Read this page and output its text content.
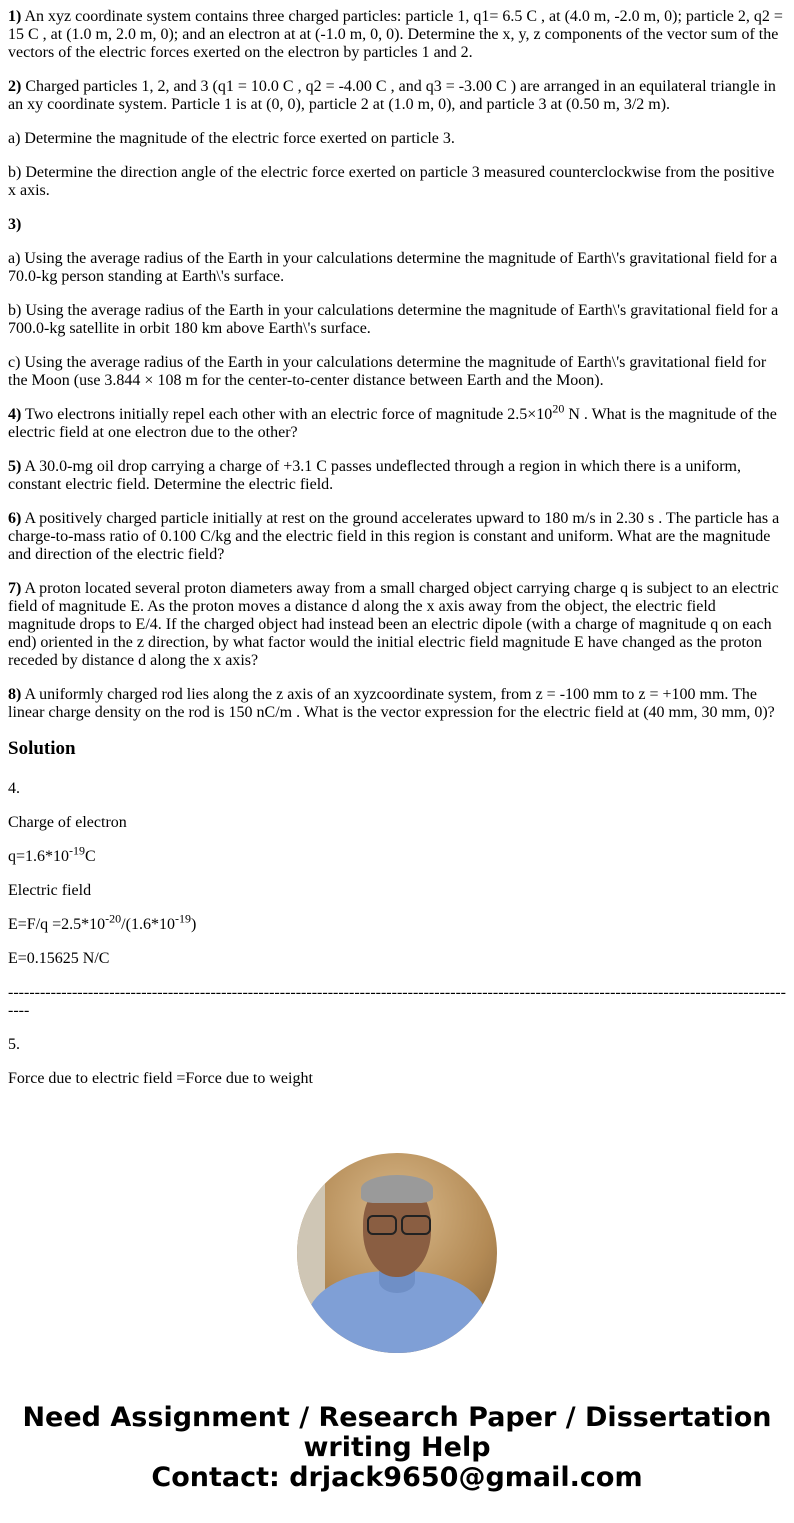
1) An xyz coordinate system contains three charged particles: particle 1, q1= 6.5 C , at (4.0 m, -2.0 m, 0); particle 2, q2 = 15 C , at (1.0 m, 2.0 m, 0); and an electron at at (-1.0 m, 0, 0). Determine the x, y, z components of the vector sum of the vectors of the electric forces exerted on the electron by particles 1 and 2.

2) Charged particles 1, 2, and 3 (q1 = 10.0 C , q2 = -4.00 C , and q3 = -3.00 C ) are arranged in an equilateral triangle in an xy coordinate system. Particle 1 is at (0, 0), particle 2 at (1.0 m, 0), and particle 3 at (0.50 m, 3/2 m).

a) Determine the magnitude of the electric force exerted on particle 3.

b) Determine the direction angle of the electric force exerted on particle 3 measured counterclockwise from the positive x axis.

3)

a) Using the average radius of the Earth in your calculations determine the magnitude of Earth\'s gravitational field for a 70.0-kg person standing at Earth\'s surface.

b) Using the average radius of the Earth in your calculations determine the magnitude of Earth\'s gravitational field for a 700.0-kg satellite in orbit 180 km above Earth\'s surface.

c) Using the average radius of the Earth in your calculations determine the magnitude of Earth\'s gravitational field for the Moon (use 3.844 × 108 m for the center-to-center distance between Earth and the Moon).

4) Two electrons initially repel each other with an electric force of magnitude $2.5\times 10^{20}$ N . What is the magnitude of the electric field at one electron due to the other?

5) A 30.0-mg oil drop carrying a charge of +3.1 C passes undeflected through a region in which there is a uniform, constant electric field. Determine the electric field.

6) A positively charged particle initially at rest on the ground accelerates upward to 180 m/s in 2.30 s . The particle has a charge-to-mass ratio of 0.100 C/kg and the electric field in this region is constant and uniform. What are the magnitude and direction of the electric field?

7) A proton located several proton diameters away from a small charged object carrying charge q is subject to an electric field of magnitude E. As the proton moves a distance d along the x axis away from the object, the electric field magnitude drops to E/4. If the charged object had instead been an electric dipole (with a charge of magnitude q on each end) oriented in the z direction, by what factor would the initial electric field magnitude E have changed as the proton receded by distance d along the x axis?

8) A uniformly charged rod lies along the z axis of an xyzcoordinate system, from z = -100 mm to z = +100 mm. The linear charge density on the rod is 150 nC/m . What is the vector expression for the electric field at (40 mm, 30 mm, 0)?

Solution

4.

Charge of electron

$q=1.6*10^{-19}C$

Electric field

$E=F/q =2.5*10^{-20}/(1.6*10^{-19})$

E=0.15625 N/C

------------------------------------------------------------------------------------------------------------------------------------------------------

5.

Force due to electric field =Force due to weight

Need Assignment / Research Paper / Dissertation
writing Help
Contact: drjack9650@gmail.com
